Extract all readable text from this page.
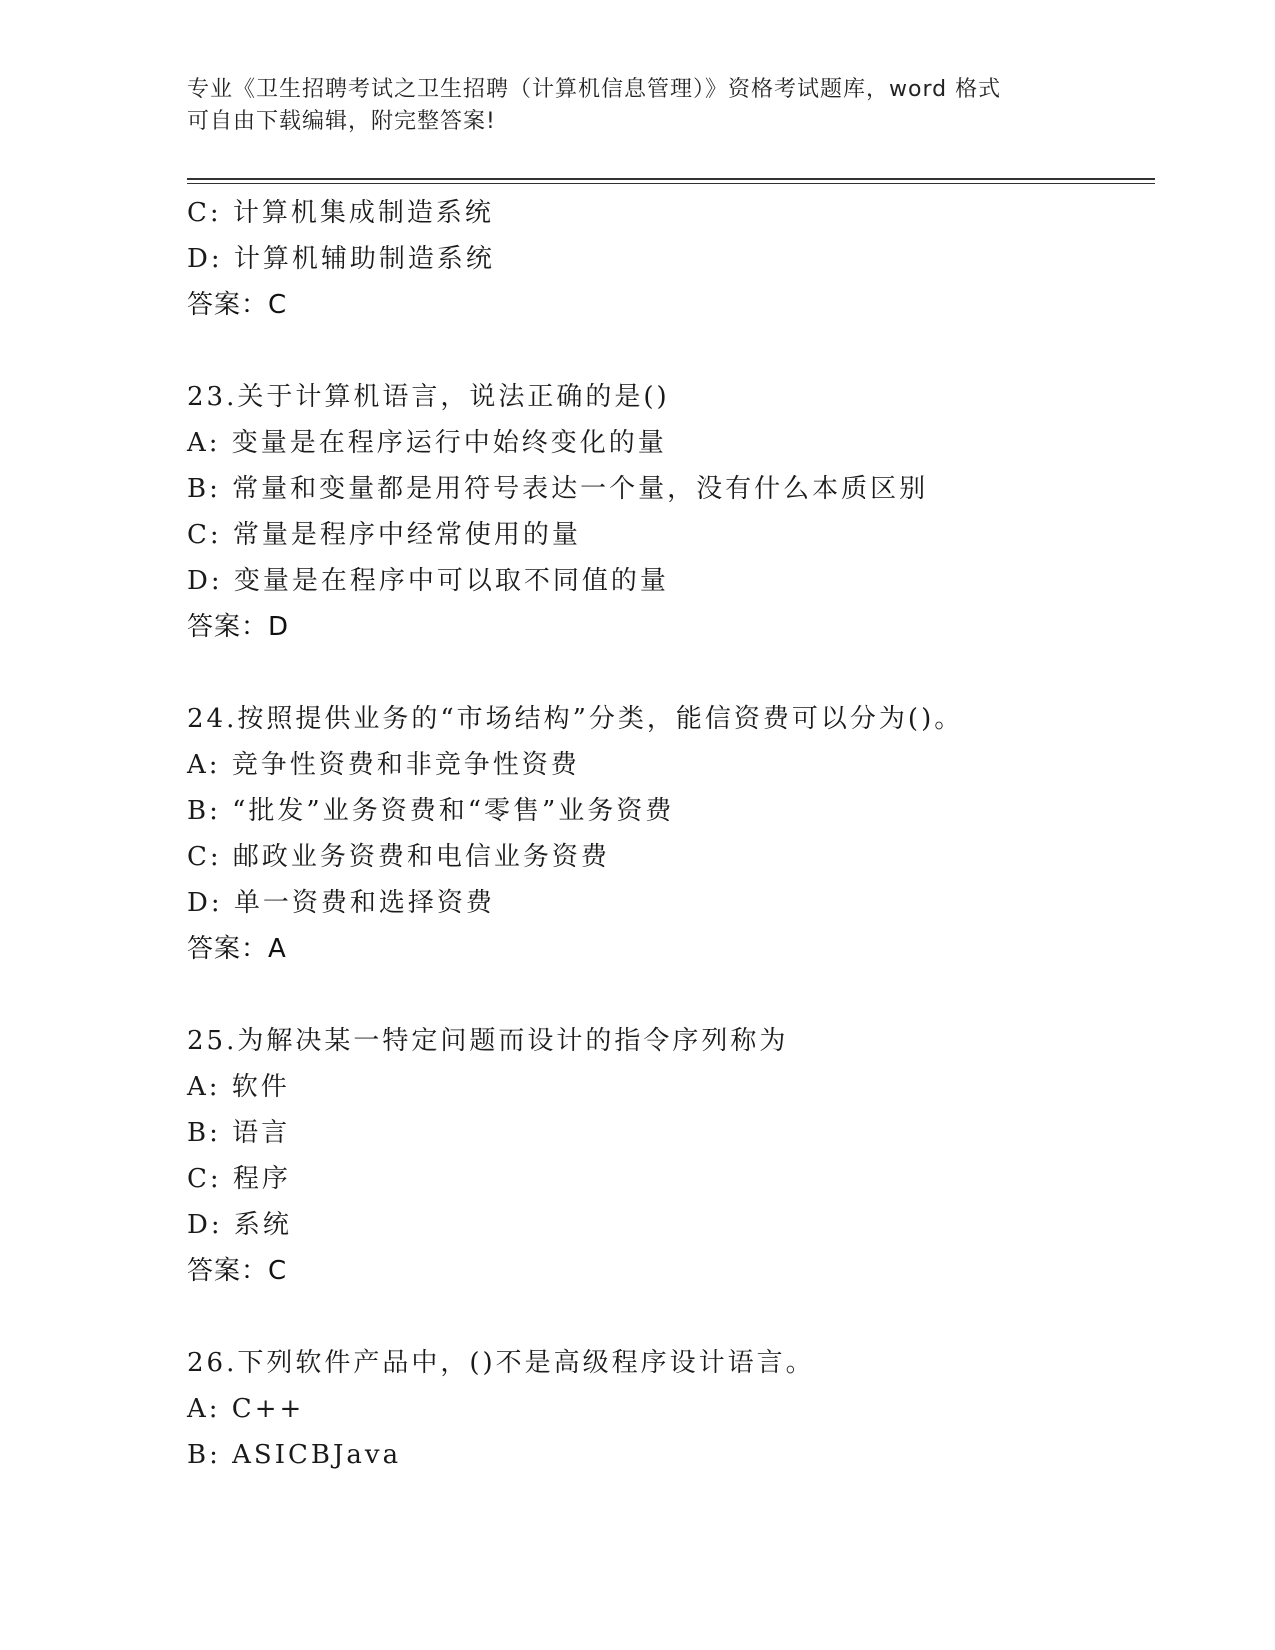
专业《卫生招聘考试之卫生招聘（计算机信息管理）》资格考试题库，word 格式
可自由下载编辑，附完整答案!
C: 计算机集成制造系统
D: 计算机辅助制造系统
答案：C
23.关于计算机语言，说法正确的是()
A: 变量是在程序运行中始终变化的量
B: 常量和变量都是用符号表达一个量，没有什么本质区别
C: 常量是程序中经常使用的量
D: 变量是在程序中可以取不同值的量
答案：D
24.按照提供业务的“市场结构”分类，能信资费可以分为()。
A: 竞争性资费和非竞争性资费
B: “批发”业务资费和“零售”业务资费
C: 邮政业务资费和电信业务资费
D: 单一资费和选择资费
答案：A
25.为解决某一特定问题而设计的指令序列称为
A: 软件
B: 语言
C: 程序
D: 系统
答案：C
26.下列软件产品中，()不是高级程序设计语言。
A: C++
B: ASICBJava
